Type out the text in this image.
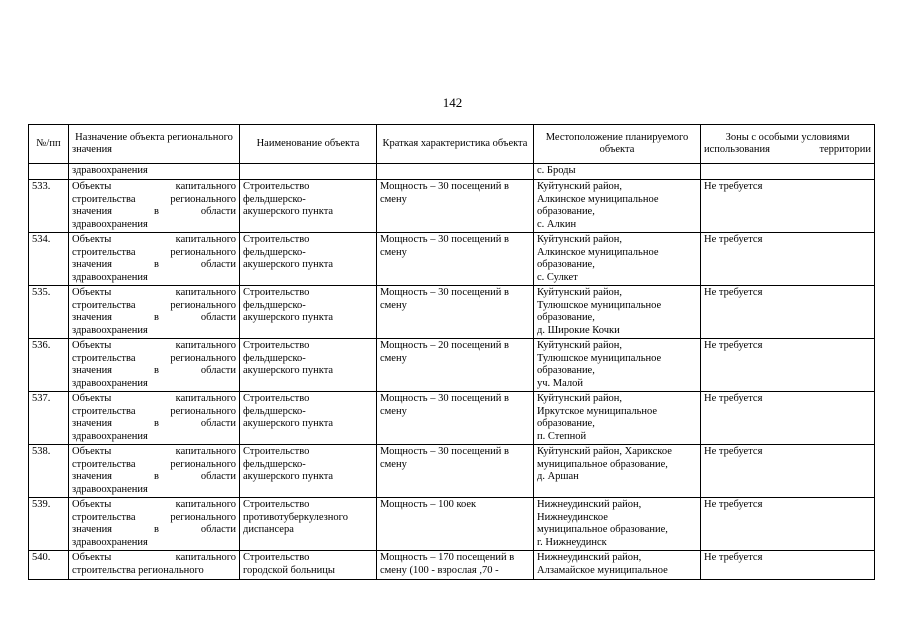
142
№/пп	Назначение объекта регионального значения	Наименование объекта	Краткая характеристика объекта	Местоположение планируемого объекта	Зоны с особыми условиями использования территории
	здравоохранения			с. Броды	
533.	Объекты капитального
строительства регионального
значения в области
здравоохранения	Строительство
фельдшерско-
акушерского пункта	Мощность – 30 посещений в смену	Куйтунский район,
Алкинское муниципальное
образование,
с. Алкин	Не требуется
534.	Объекты капитального
строительства регионального
значения в области
здравоохранения	Строительство
фельдшерско-
акушерского пункта	Мощность – 30 посещений в смену	Куйтунский район,
Алкинское муниципальное
образование,
с. Сулкет	Не требуется
535.	Объекты капитального
строительства регионального
значения в области
здравоохранения	Строительство
фельдшерско-
акушерского пункта	Мощность – 30 посещений в смену	Куйтунский район,
Тулюшское муниципальное
образование,
д. Широкие Кочки	Не требуется
536.	Объекты капитального
строительства регионального
значения в области
здравоохранения	Строительство
фельдшерско-
акушерского пункта	Мощность – 20 посещений в смену	Куйтунский район,
Тулюшское муниципальное
образование,
уч. Малой	Не требуется
537.	Объекты капитального
строительства регионального
значения в области
здравоохранения	Строительство
фельдшерско-
акушерского пункта	Мощность – 30 посещений в смену	Куйтунский район,
Иркутское муниципальное
образование,
п. Степной	Не требуется
538.	Объекты капитального
строительства регионального
значения в области
здравоохранения	Строительство
фельдшерско-
акушерского пункта	Мощность – 30 посещений в смену	Куйтунский район, Харикское
муниципальное образование,
д. Аршан	Не требуется
539.	Объекты капитального
строительства регионального
значения в области
здравоохранения	Строительство
противотуберкулезного
диспансера	Мощность – 100 коек	Нижнеудинский район,
Нижнеудинское
муниципальное образование,
г. Нижнеудинск	Не требуется
540.	Объекты капитального
строительства регионального	Строительство
городской больницы	Мощность – 170 посещений в смену (100 - взрослая ,70 -	Нижнеудинский район,
Алзамайское муниципальное	Не требуется
